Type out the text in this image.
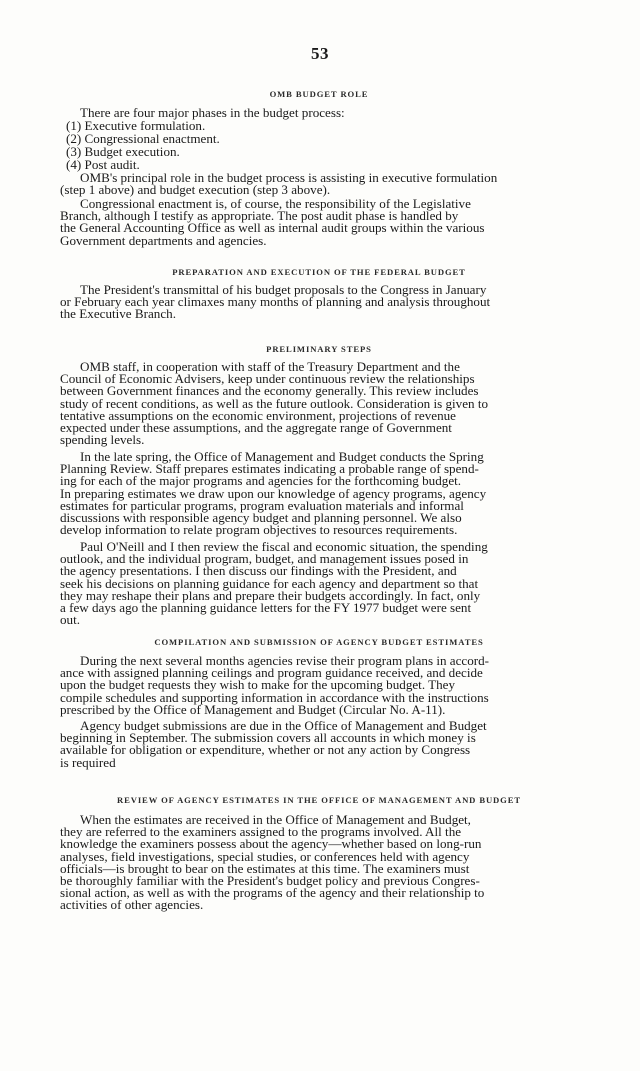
53
OMB BUDGET ROLE
There are four major phases in the budget process:
(1) Executive formulation.
(2) Congressional enactment.
(3) Budget execution.
(4) Post audit.
OMB's principal role in the budget process is assisting in executive formulation
(step 1 above) and budget execution (step 3 above).
Congressional enactment is, of course, the responsibility of the Legislative
Branch, although I testify as appropriate. The post audit phase is handled by
the General Accounting Office as well as internal audit groups within the various
Government departments and agencies.
PREPARATION AND EXECUTION OF THE FEDERAL BUDGET
The President's transmittal of his budget proposals to the Congress in January
or February each year climaxes many months of planning and analysis throughout
the Executive Branch.
PRELIMINARY STEPS
OMB staff, in cooperation with staff of the Treasury Department and the
Council of Economic Advisers, keep under continuous review the relationships
between Government finances and the economy generally. This review includes
study of recent conditions, as well as the future outlook. Consideration is given to
tentative assumptions on the economic environment, projections of revenue
expected under these assumptions, and the aggregate range of Government
spending levels.
In the late spring, the Office of Management and Budget conducts the Spring
Planning Review. Staff prepares estimates indicating a probable range of spend-
ing for each of the major programs and agencies for the forthcoming budget.
In preparing estimates we draw upon our knowledge of agency programs, agency
estimates for particular programs, program evaluation materials and informal
discussions with responsible agency budget and planning personnel. We also
develop information to relate program objectives to resources requirements.
Paul O'Neill and I then review the fiscal and economic situation, the spending
outlook, and the individual program, budget, and management issues posed in
the agency presentations. I then discuss our findings with the President, and
seek his decisions on planning guidance for each agency and department so that
they may reshape their plans and prepare their budgets accordingly. In fact, only
a few days ago the planning guidance letters for the FY 1977 budget were sent
out.
COMPILATION AND SUBMISSION OF AGENCY BUDGET ESTIMATES
During the next several months agencies revise their program plans in accord-
ance with assigned planning ceilings and program guidance received, and decide
upon the budget requests they wish to make for the upcoming budget. They
compile schedules and supporting information in accordance with the instructions
prescribed by the Office of Management and Budget (Circular No. A-11).
Agency budget submissions are due in the Office of Management and Budget
beginning in September. The submission covers all accounts in which money is
available for obligation or expenditure, whether or not any action by Congress
is required
REVIEW OF AGENCY ESTIMATES IN THE OFFICE OF MANAGEMENT AND BUDGET
When the estimates are received in the Office of Management and Budget,
they are referred to the examiners assigned to the programs involved. All the
knowledge the examiners possess about the agency—whether based on long-run
analyses, field investigations, special studies, or conferences held with agency
officials—is brought to bear on the estimates at this time. The examiners must
be thoroughly familiar with the President's budget policy and previous Congres-
sional action, as well as with the programs of the agency and their relationship to
activities of other agencies.
